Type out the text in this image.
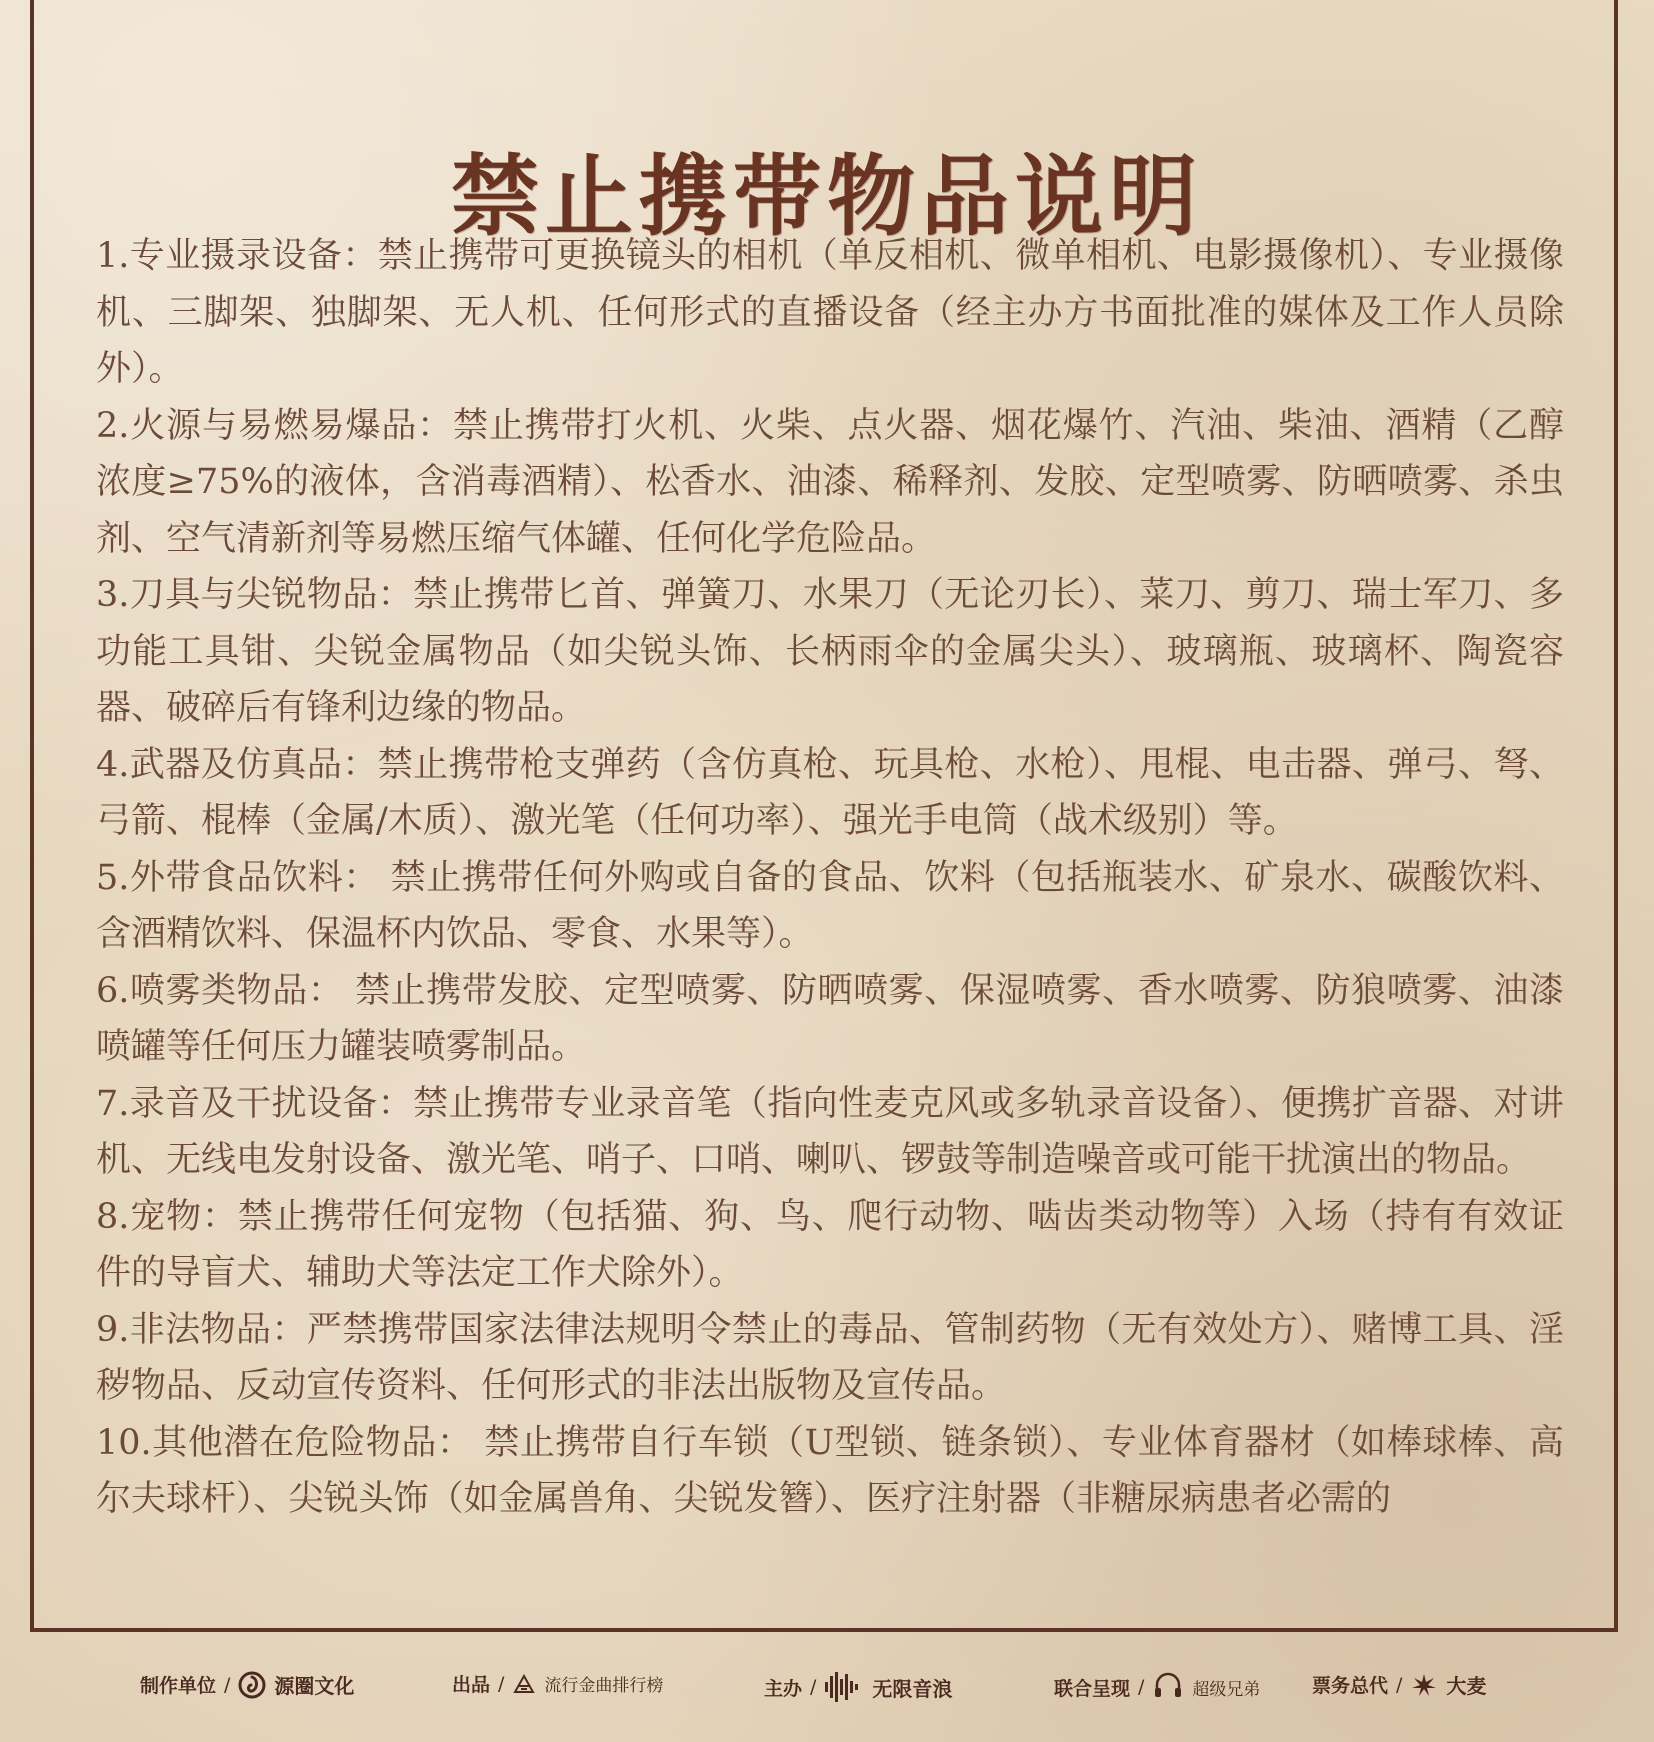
禁止携带物品说明

1.专业摄录设备：禁止携带可更换镜头的相机（单反相机、微单相机、电影摄像机）、专业摄像机、三脚架、独脚架、无人机、任何形式的直播设备（经主办方书面批准的媒体及工作人员除外）。

2.火源与易燃易爆品：禁止携带打火机、火柴、点火器、烟花爆竹、汽油、柴油、酒精（乙醇浓度≥75%的液体，含消毒酒精）、松香水、油漆、稀释剂、发胶、定型喷雾、防晒喷雾、杀虫剂、空气清新剂等易燃压缩气体罐、任何化学危险品。

3.刀具与尖锐物品：禁止携带匕首、弹簧刀、水果刀（无论刃长）、菜刀、剪刀、瑞士军刀、多功能工具钳、尖锐金属物品（如尖锐头饰、长柄雨伞的金属尖头）、玻璃瓶、玻璃杯、陶瓷容器、破碎后有锋利边缘的物品。

4.武器及仿真品：禁止携带枪支弹药（含仿真枪、玩具枪、水枪）、甩棍、电击器、弹弓、弩、弓箭、棍棒（金属/木质）、激光笔（任何功率）、强光手电筒（战术级别）等。

5.外带食品饮料： 禁止携带任何外购或自备的食品、饮料（包括瓶装水、矿泉水、碳酸饮料、含酒精饮料、保温杯内饮品、零食、水果等）。

6.喷雾类物品： 禁止携带发胶、定型喷雾、防晒喷雾、保湿喷雾、香水喷雾、防狼喷雾、油漆喷罐等任何压力罐装喷雾制品。

7.录音及干扰设备：禁止携带专业录音笔（指向性麦克风或多轨录音设备）、便携扩音器、对讲机、无线电发射设备、激光笔、哨子、口哨、喇叭、锣鼓等制造噪音或可能干扰演出的物品。

8.宠物：禁止携带任何宠物（包括猫、狗、鸟、爬行动物、啮齿类动物等）入场（持有有效证件的导盲犬、辅助犬等法定工作犬除外）。

9.非法物品：严禁携带国家法律法规明令禁止的毒品、管制药物（无有效处方）、赌博工具、淫秽物品、反动宣传资料、任何形式的非法出版物及宣传品。

10.其他潜在危险物品： 禁止携带自行车锁（U型锁、链条锁）、专业体育器材（如棒球棒、高尔夫球杆）、尖锐头饰（如金属兽角、尖锐发簪）、医疗注射器（非糖尿病患者必需的

制作单位 / 源圈文化	出品 / 流行金曲排行榜	主办 /	无限音浪	联合呈现 /	超级兄弟	票务总代 / 大麦
